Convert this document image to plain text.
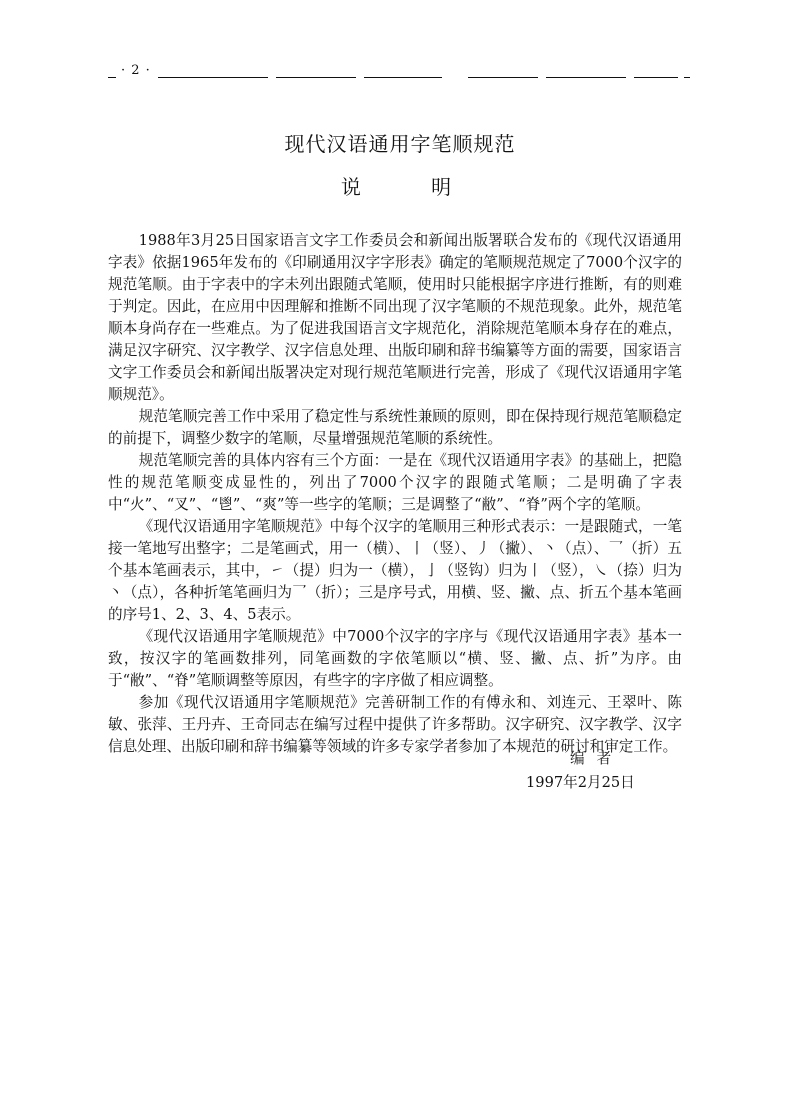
· 2 ·
现代汉语通用字笔顺规范
说 明

1988年3月25日国家语言文字工作委员会和新闻出版署联合发布的《现代汉语通用字表》依据1965年发布的《印刷通用汉字字形表》确定的笔顺规范规定了7000个汉字的规范笔顺。由于字表中的字未列出跟随式笔顺，使用时只能根据字序进行推断，有的则难于判定。因此，在应用中因理解和推断不同出现了汉字笔顺的不规范现象。此外，规范笔顺本身尚存在一些难点。为了促进我国语言文字规范化，消除规范笔顺本身存在的难点，满足汉字研究、汉字教学、汉字信息处理、出版印刷和辞书编纂等方面的需要，国家语言文字工作委员会和新闻出版署决定对现行规范笔顺进行完善，形成了《现代汉语通用字笔顺规范》。

规范笔顺完善工作中采用了稳定性与系统性兼顾的原则，即在保持现行规范笔顺稳定的前提下，调整少数字的笔顺，尽量增强规范笔顺的系统性。

规范笔顺完善的具体内容有三个方面：一是在《现代汉语通用字表》的基础上，把隐性的规范笔顺变成显性的，列出了7000个汉字的跟随式笔顺；二是明确了字表中“火”、“叉”、“鬯”、“爽”等一些字的笔顺；三是调整了“敝”、“脊”两个字的笔顺。

《现代汉语通用字笔顺规范》中每个汉字的笔顺用三种形式表示：一是跟随式，一笔接一笔地写出整字；二是笔画式，用一（横）、丨（竖）、丿（撇）、丶（点）、乛（折）五个基本笔画表示，其中，㇀（提）归为一（横），亅（竖钩）归为丨（竖），㇏（捺）归为丶（点），各种折笔笔画归为乛（折）；三是序号式，用横、竖、撇、点、折五个基本笔画的序号1、2、3、4、5表示。

《现代汉语通用字笔顺规范》中7000个汉字的字序与《现代汉语通用字表》基本一致，按汉字的笔画数排列，同笔画数的字依笔顺以“横、竖、撇、点、折”为序。由于“敝”、“脊”笔顺调整等原因，有些字的字序做了相应调整。

参加《现代汉语通用字笔顺规范》完善研制工作的有傅永和、刘连元、王翠叶、陈敏、张萍、王丹卉、王奇同志在编写过程中提供了许多帮助。汉字研究、汉字教学、汉字信息处理、出版印刷和辞书编纂等领域的许多专家学者参加了本规范的研讨和审定工作。

编者
1997年2月25日
